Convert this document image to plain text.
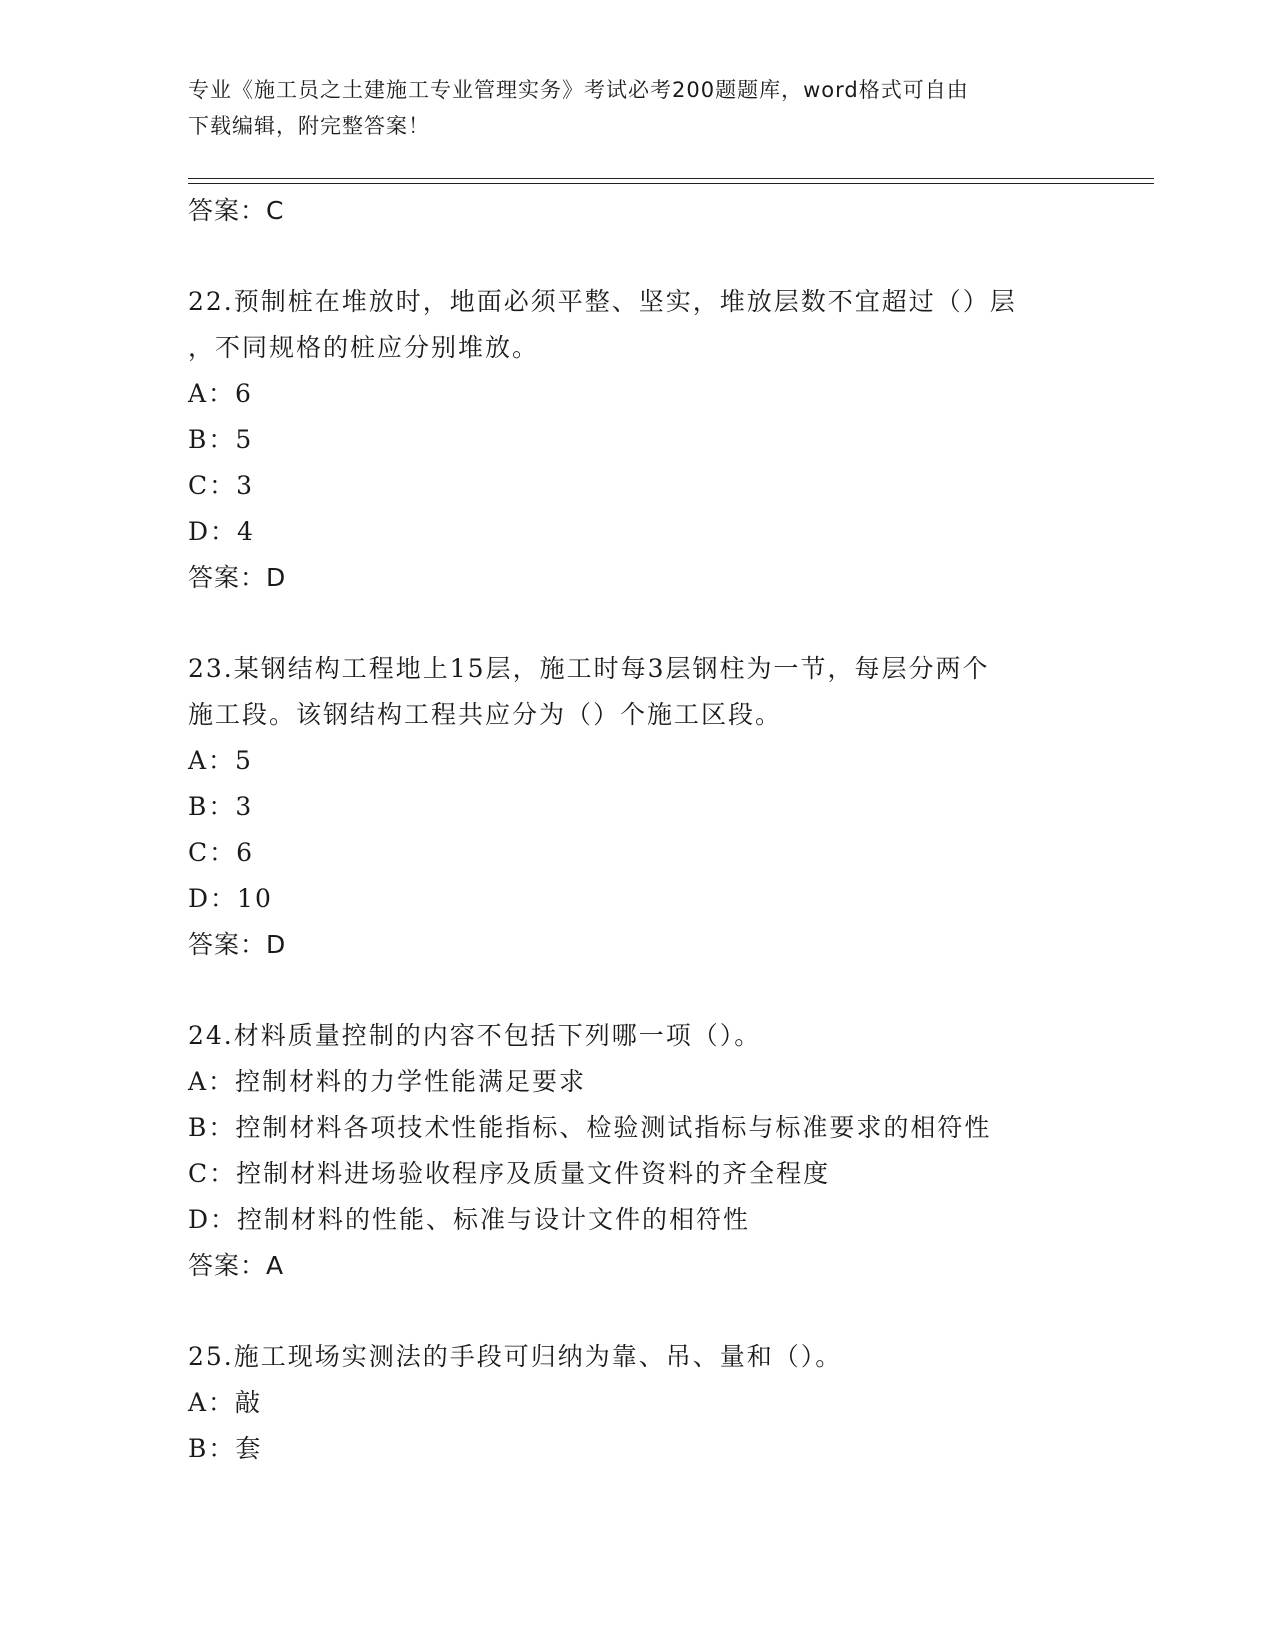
专业《施工员之土建施工专业管理实务》考试必考200题题库，word格式可自由
下载编辑，附完整答案！
答案：C
22.预制桩在堆放时，地面必须平整、坚实，堆放层数不宜超过（）层
，不同规格的桩应分别堆放。
A：6
B：5
C：3
D：4
答案：D
23.某钢结构工程地上15层，施工时每3层钢柱为一节，每层分两个
施工段。该钢结构工程共应分为（）个施工区段。
A：5
B：3
C：6
D：10
答案：D
24.材料质量控制的内容不包括下列哪一项（）。
A：控制材料的力学性能满足要求
B：控制材料各项技术性能指标、检验测试指标与标准要求的相符性
C：控制材料进场验收程序及质量文件资料的齐全程度
D：控制材料的性能、标准与设计文件的相符性
答案：A
25.施工现场实测法的手段可归纳为靠、吊、量和（）。
A：敲
B：套
